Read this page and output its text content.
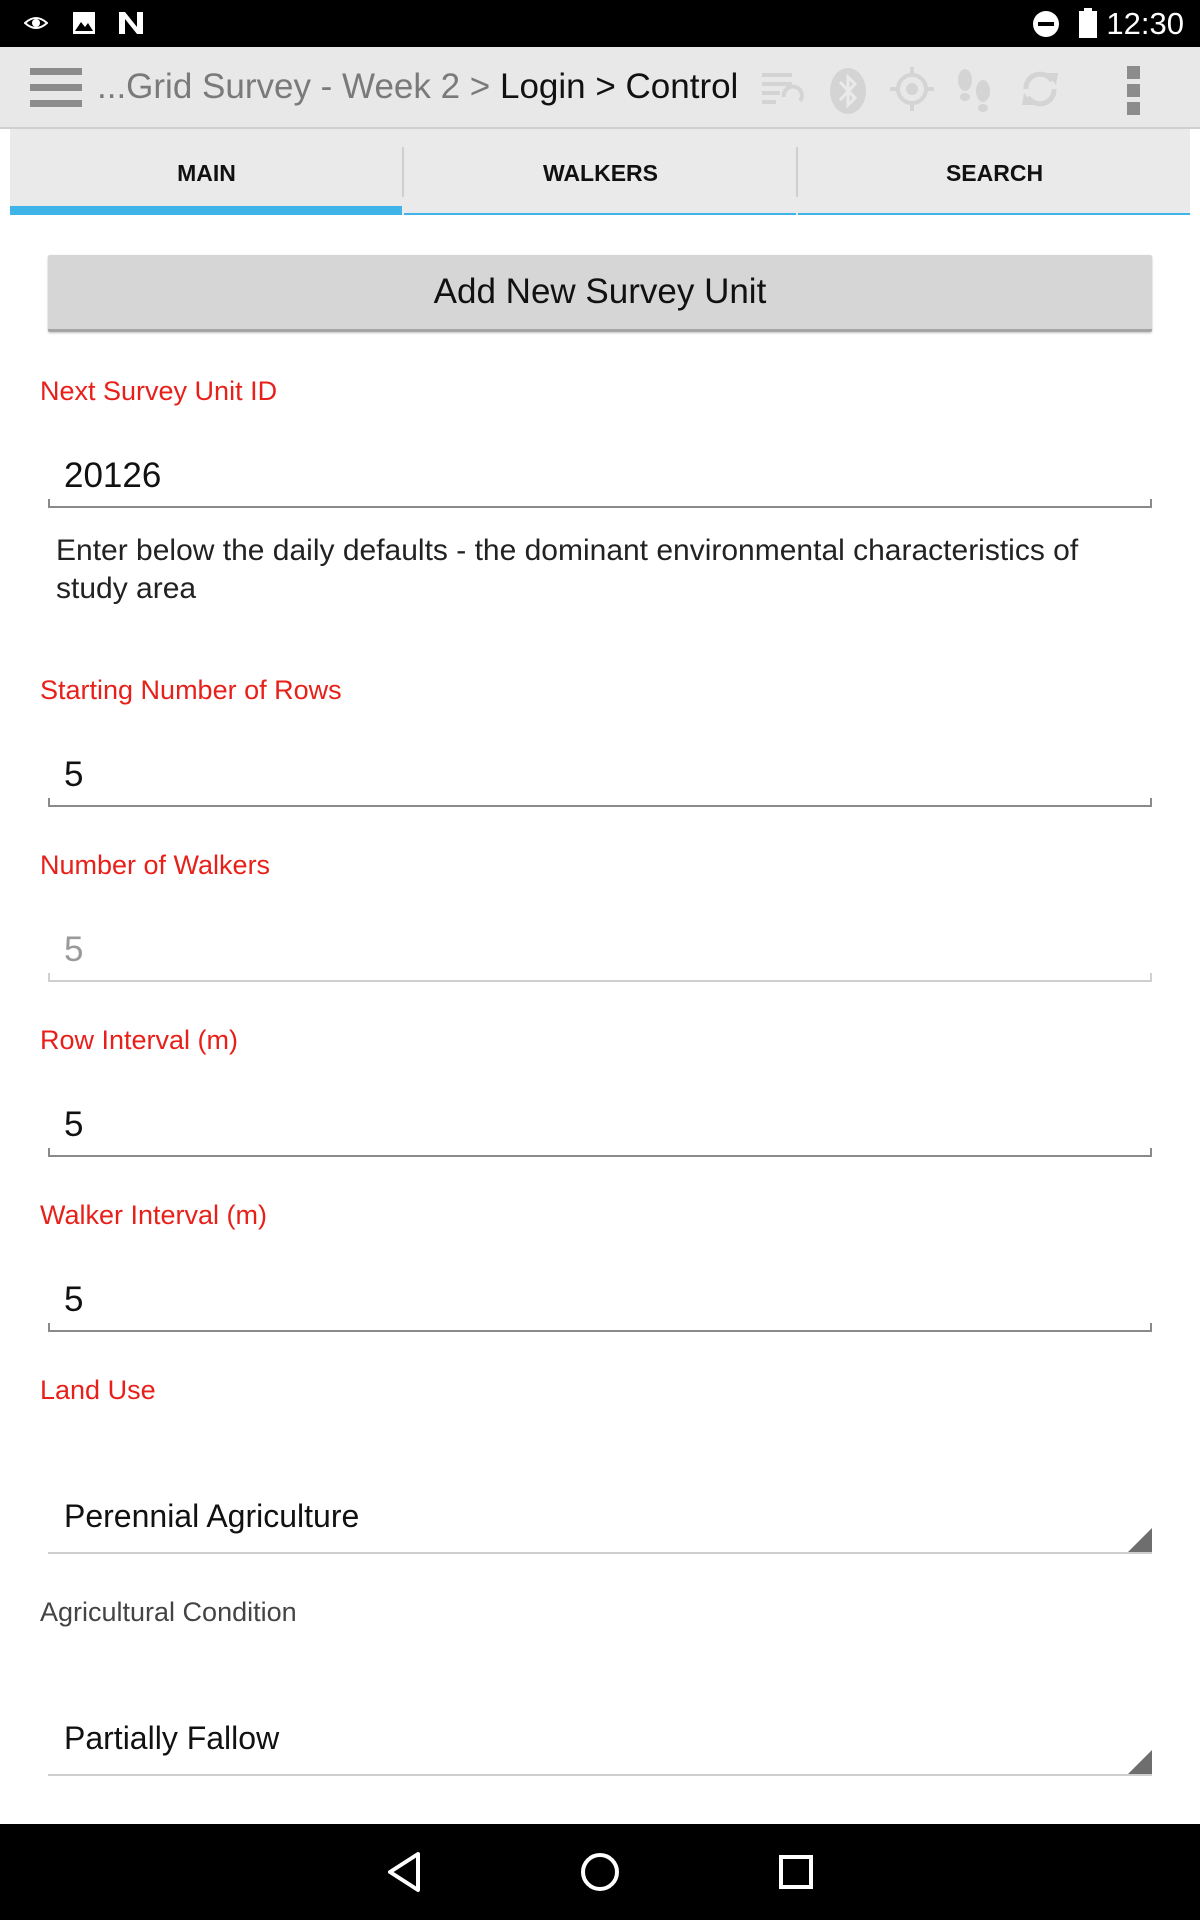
12:30
...Grid Survey - Week 2 > Login > Control
MAIN	WALKERS	SEARCH
Add New Survey Unit
Next Survey Unit ID
20126
Enter below the daily defaults - the dominant environmental characteristics of study area
Starting Number of Rows
5
Number of Walkers
5
Row Interval (m)
5
Walker Interval (m)
5
Land Use
Perennial Agriculture
Agricultural Condition
Partially Fallow
